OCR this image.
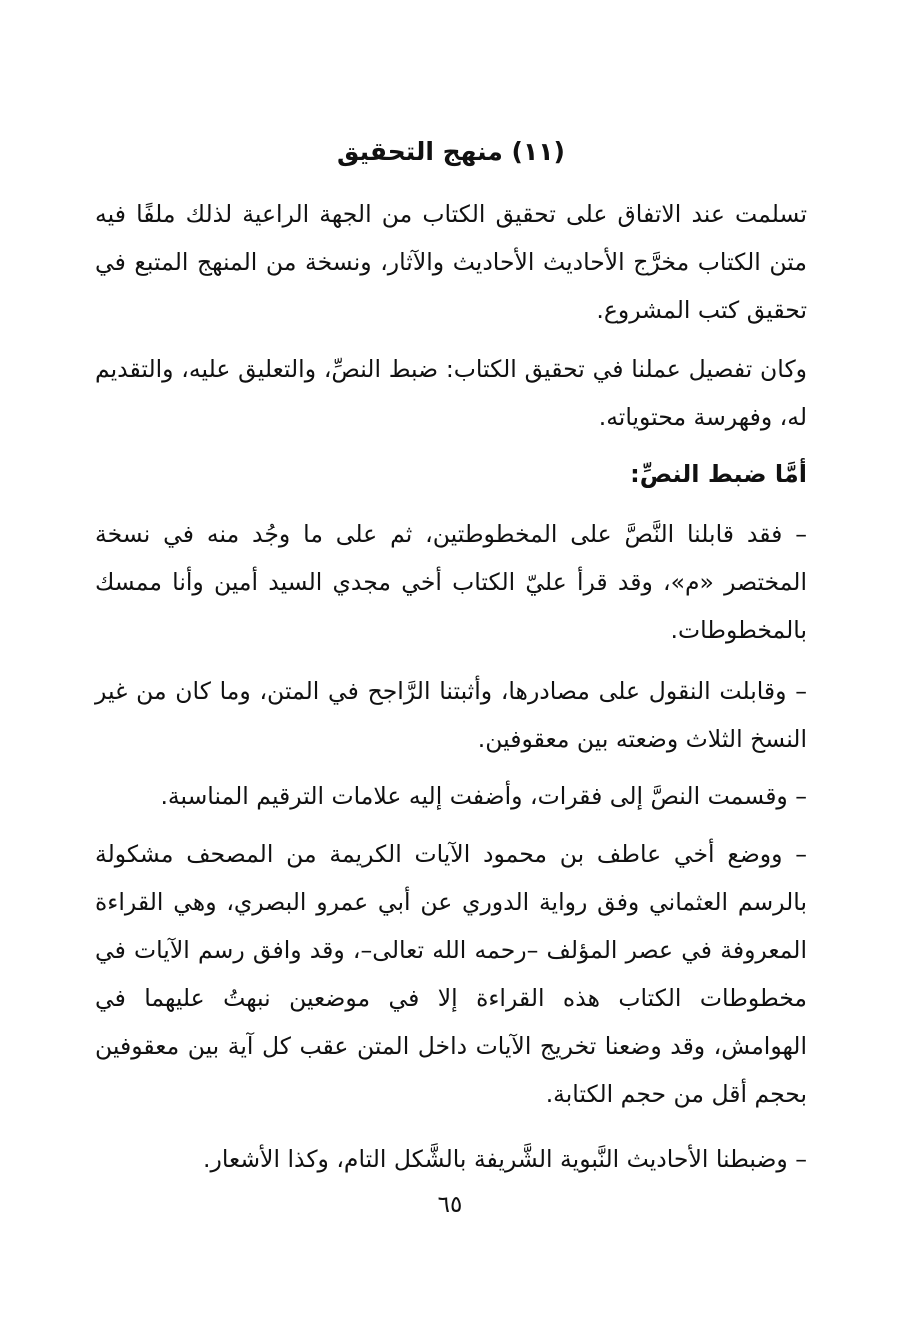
(١١) منهج التحقيق

تسلمت عند الاتفاق على تحقيق الكتاب من الجهة الراعية لذلك ملفًا فيه متن الكتاب مخرَّج الأحاديث الأحاديث والآثار، ونسخة من المنهج المتبع في تحقيق كتب المشروع.

وكان تفصيل عملنا في تحقيق الكتاب: ضبط النصِّ، والتعليق عليه، والتقديم له، وفهرسة محتوياته.

أمَّا ضبط النصِّ:

– فقد قابلنا النَّصَّ على المخطوطتين، ثم على ما وجُد منه في نسخة المختصر «م»، وقد قرأ عليّ الكتاب أخي مجدي السيد أمين وأنا ممسك بالمخطوطات.

– وقابلت النقول على مصادرها، وأثبتنا الرَّاجح في المتن، وما كان من غير النسخ الثلاث وضعته بين معقوفين.

– وقسمت النصَّ إلى فقرات، وأضفت إليه علامات الترقيم المناسبة.

– ووضع أخي عاطف بن محمود الآيات الكريمة من المصحف مشكولة بالرسم العثماني وفق رواية الدوري عن أبي عمرو البصري، وهي القراءة المعروفة في عصر المؤلف –رحمه الله تعالى–، وقد وافق رسم الآيات في مخطوطات الكتاب هذه القراءة إلا في موضعين نبهتُ عليهما في الهوامش، وقد وضعنا تخريج الآيات داخل المتن عقب كل آية بين معقوفين بحجم أقل من حجم الكتابة.

– وضبطنا الأحاديث النَّبوية الشَّريفة بالشَّكل التام، وكذا الأشعار.

٦٥
